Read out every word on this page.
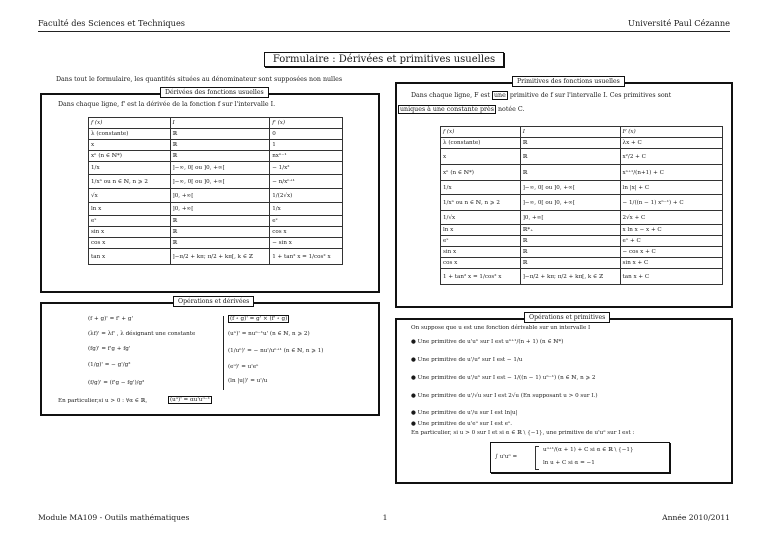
Faculté des Sciences et Techniques	Université Paul Cézanne
Formulaire : Dérivées et primitives usuelles
Dans tout le formulaire, les quantités situées au dénominateur sont supposées non nulles
Dérivées des fonctions usuelles
Dans chaque ligne, f' est la dérivée de la fonction f sur l'intervalle I.
f (x)	I	f' (x)
λ (constante)	ℝ	0
x	ℝ	1
xⁿ (n ∈ ℕ*)	ℝ	nxⁿ⁻¹
1/x	]−∞, 0[ ou ]0, +∞[	− 1/x²
1/xⁿ ou n ∈ ℕ, n ⩾ 2	]−∞, 0[ ou ]0, +∞[	− n/xⁿ⁺¹
√x	]0, +∞[	1/(2√x)
ln x	]0, +∞[	1/x
eˣ	ℝ	eˣ
sin x	ℝ	cos x
cos x	ℝ	− sin x
tan x	]−π/2 + kπ; π/2 + kπ[, k ∈ ℤ	1 + tan² x = 1/cos² x
Opérations et dérivées
(f + g)' = f' + g'
(λf)' = λf' , λ désignant une constante
(fg)' = f'g + fg'
(1/g)' = − g'/g²
(f/g)' = (f'g − fg')/g²
(f ∘ g)' = g' × (f' ∘ g)
(uⁿ)' = nuⁿ⁻¹u' (n ∈ ℕ, n ⩾ 2)
(1/uⁿ)' = − nu'/uⁿ⁺¹ (n ∈ ℕ, n ⩾ 1)
(eᵘ)' = u'eᵘ
(ln |u|)' = u'/u
En particulier,si u > 0 : ∀α ∈ ℝ,	(uᵅ)' = αu'uᵅ⁻¹
Primitives des fonctions usuelles
Dans chaque ligne, F est une primitive de f sur l'intervalle I. Ces primitives sont
uniques à une constante près notée C.
f (x)	I	F (x)
λ (constante)	ℝ	λx + C
x	ℝ	x²/2 + C
xⁿ (n ∈ ℕ*)	ℝ	xⁿ⁺¹/(n+1) + C
1/x	]−∞, 0[ ou ]0, +∞[	ln |x| + C
1/xⁿ ou n ∈ ℕ, n ⩾ 2	]−∞, 0[ ou ]0, +∞[	− 1/((n − 1) xⁿ⁻¹) + C
1/√x	]0, +∞[	2√x + C
ln x	ℝ*₊	x ln x − x + C
eˣ	ℝ	eˣ + C
sin x	ℝ	− cos x + C
cos x	ℝ	sin x + C
1 + tan² x = 1/cos² x	]−π/2 + kπ; π/2 + kπ[, k ∈ ℤ	tan x + C
Opérations et primitives
On suppose que u est une fonction dérivable sur un intervalle I
● Une primitive de u'uⁿ sur I est uⁿ⁺¹/(n + 1) (n ∈ ℕ*)
● Une primitive de u'/u² sur I est − 1/u
● Une primitive de u'/uⁿ sur I est − 1/((n − 1) uⁿ⁻¹) (n ∈ ℕ, n ⩾ 2
● Une primitive de u'/√u sur I est 2√u (En supposant u > 0 sur I.)
● Une primitive de u'/u sur I est ln|u|
● Une primitive de u'eᵘ sur I est eᵘ.
En particulier, si u > 0 sur I et si α ∈ ℝ \ {−1}, une primitive de u'uᵅ sur I est :
∫ u'uᵅ =
uᵅ⁺¹/(α + 1) + C si α ∈ ℝ \ {−1}
ln u + C si α = −1
Module MA109 - Outils mathématiques	1	Année 2010/2011
